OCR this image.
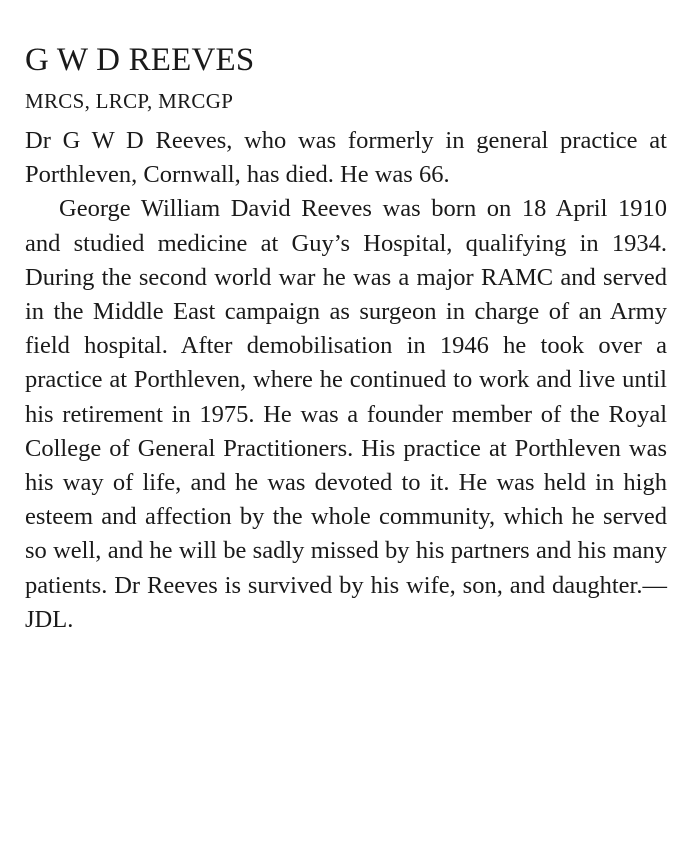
G W D REEVES
MRCS, LRCP, MRCGP

Dr G W D Reeves, who was formerly in general practice at Porthleven, Cornwall, has died. He was 66.

George William David Reeves was born on 18 April 1910 and studied medicine at Guy’s Hospital, qualifying in 1934. During the second world war he was a major RAMC and served in the Middle East campaign as surgeon in charge of an Army field hospital. After demobilisation in 1946 he took over a practice at Porthleven, where he continued to work and live until his retirement in 1975. He was a founder member of the Royal College of General Practitioners. His practice at Porthleven was his way of life, and he was devoted to it. He was held in high esteem and affection by the whole community, which he served so well, and he will be sadly missed by his partners and his many patients. Dr Reeves is survived by his wife, son, and daughter.—JDL.
